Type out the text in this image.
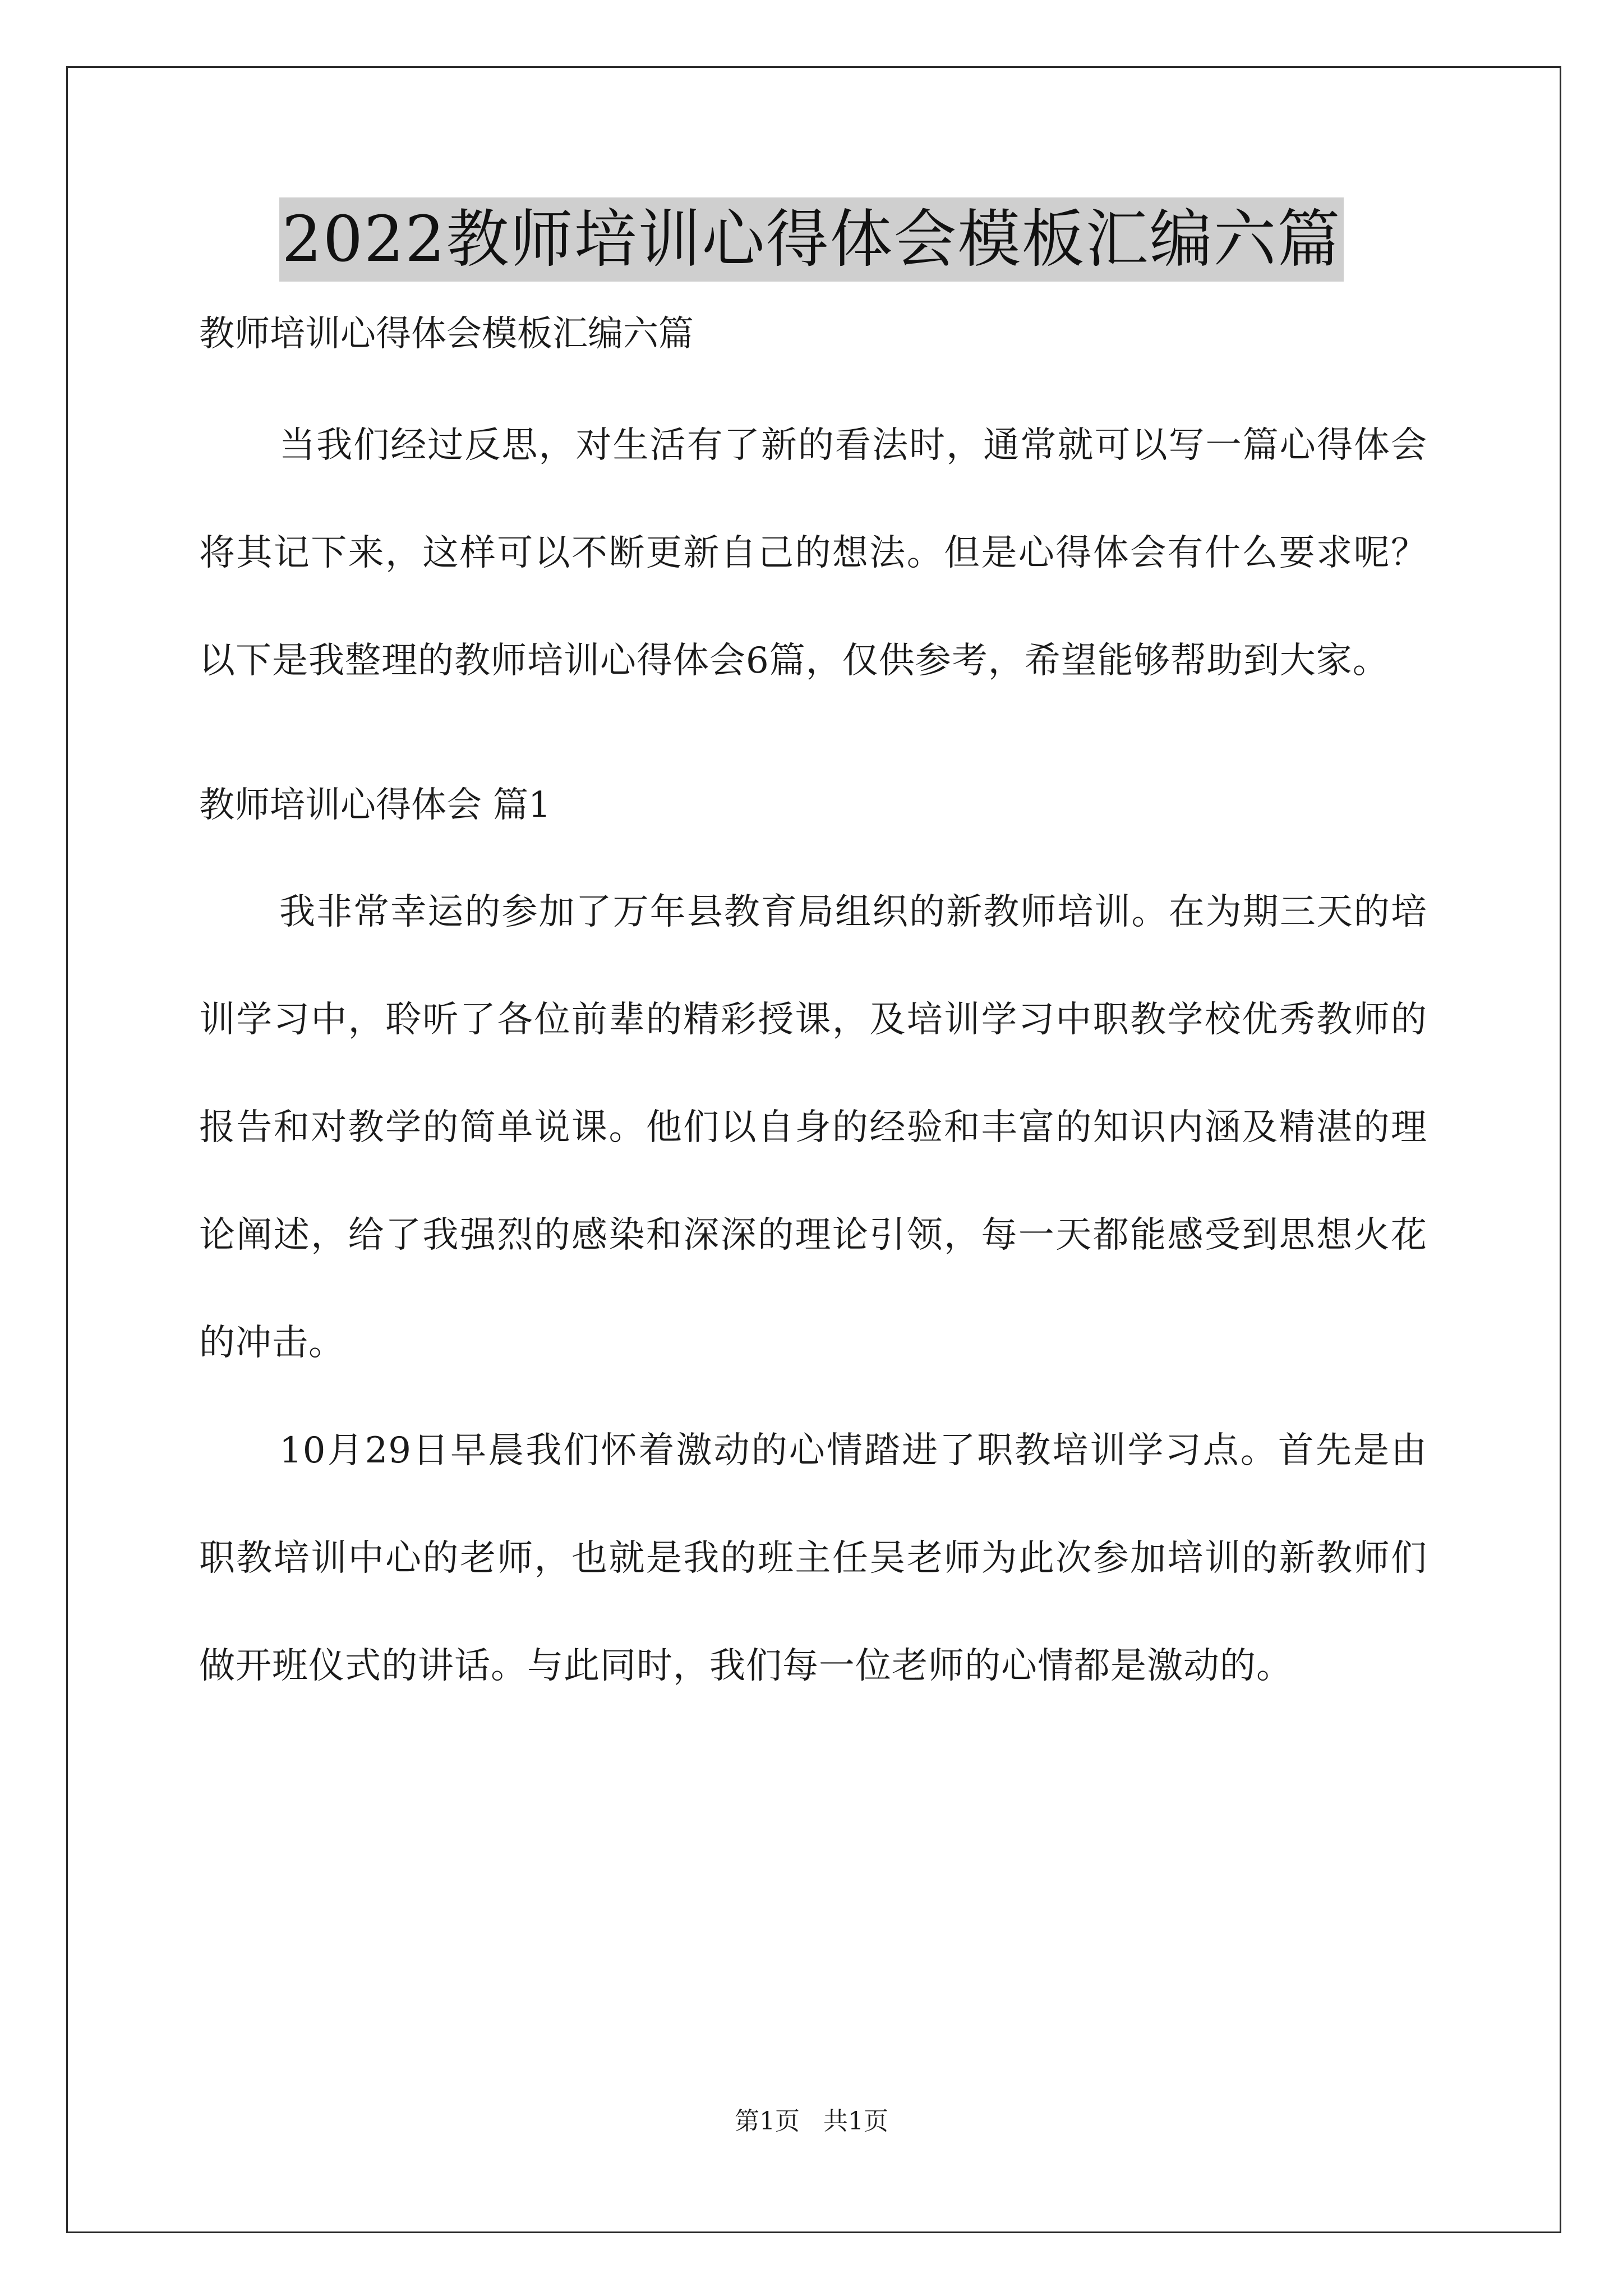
2022教师培训心得体会模板汇编六篇

教师培训心得体会模板汇编六篇

当我们经过反思，对生活有了新的看法时，通常就可以写一篇心得体会将其记下来，这样可以不断更新自己的想法。但是心得体会有什么要求呢？以下是我整理的教师培训心得体会6篇，仅供参考，希望能够帮助到大家。

教师培训心得体会 篇1

我非常幸运的参加了万年县教育局组织的新教师培训。在为期三天的培训学习中，聆听了各位前辈的精彩授课，及培训学习中职教学校优秀教师的报告和对教学的简单说课。他们以自身的经验和丰富的知识内涵及精湛的理论阐述，给了我强烈的感染和深深的理论引领，每一天都能感受到思想火花的冲击。

10月29日早晨我们怀着激动的心情踏进了职教培训学习点。首先是由职教培训中心的老师，也就是我的班主任吴老师为此次参加培训的新教师们做开班仪式的讲话。与此同时，我们每一位老师的心情都是激动的。

第1页 共1页
